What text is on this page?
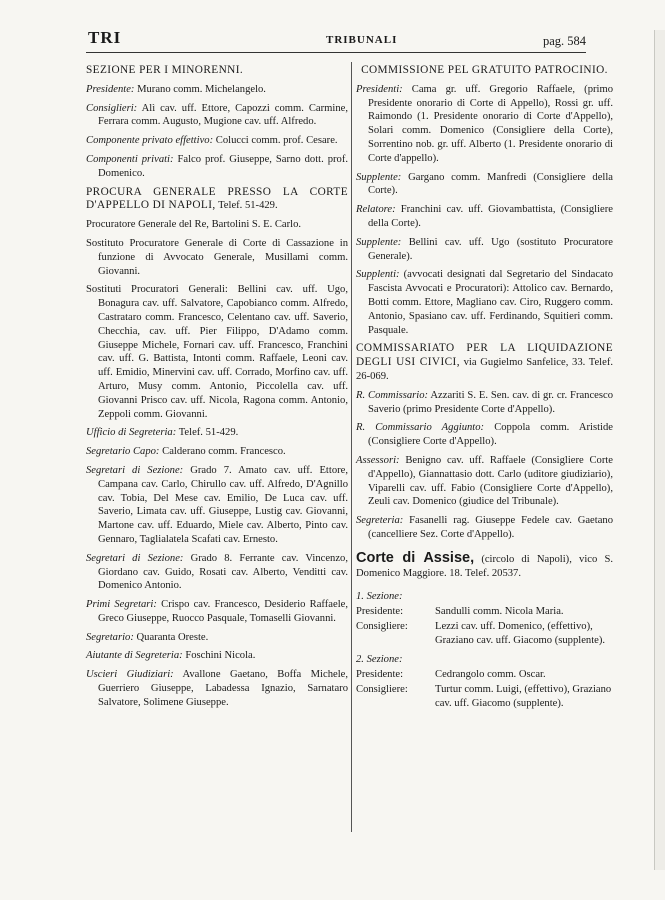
TRI	TRIBUNALI	pag. 584
SEZIONE PER I MINORENNI.
Presidente: Murano comm. Michelangelo.
Consiglieri: Alì cav. uff. Ettore, Capozzi comm. Carmine, Ferrara comm. Augusto, Mugione cav. uff. Alfredo.
Componente privato effettivo: Colucci comm. prof. Cesare.
Componenti privati: Falco prof. Giuseppe, Sarno dott. prof. Domenico.
PROCURA GENERALE PRESSO LA CORTE D'APPELLO DI NAPOLI, Telef. 51-429.
Procuratore Generale del Re, Bartolini S. E. Carlo.
Sostituto Procuratore Generale di Corte di Cassazione in funzione di Avvocato Generale, Musillami comm. Giovanni.
Sostituti Procuratori Generali: Bellini cav. uff. Ugo, Bonagura cav. uff. Salvatore, Capobianco comm. Alfredo, Castrataro comm. Francesco, Celentano cav. uff. Saverio, Checchia, cav. uff. Pier Filippo, D'Adamo comm. Giuseppe Michele, Fornari cav. uff. Francesco, Franchini cav. uff. G. Battista, Intonti comm. Raffaele, Leoni cav. uff. Emidio, Minervini cav. uff. Corrado, Morfino cav. uff. Arturo, Musy comm. Antonio, Piccolella cav. uff. Giovanni Prisco cav. uff. Nicola, Ragona comm. Antonio, Zeppoli comm. Giovanni.
Ufficio di Segreteria: Telef. 51-429.
Segretario Capo: Calderano comm. Francesco.
Segretari di Sezione: Grado 7. Amato cav. uff. Ettore, Campana cav. Carlo, Chirullo cav. uff. Alfredo, D'Agnillo cav. Tobia, Del Mese cav. Emilio, De Luca cav. uff. Saverio, Limata cav. uff. Giuseppe, Lustig cav. Giovanni, Martone cav. uff. Eduardo, Miele cav. Alberto, Pinto cav. Gennaro, Taglialatela Scafati cav. Ernesto.
Segretari di Sezione: Grado 8. Ferrante cav. Vincenzo, Giordano cav. Guido, Rosati cav. Alberto, Venditti cav. Domenico Antonio.
Primi Segretari: Crispo cav. Francesco, Desiderio Raffaele, Greco Giuseppe, Ruocco Pasquale, Tomaselli Giovanni.
Segretario: Quaranta Oreste.
Aiutante di Segreteria: Foschini Nicola.
Uscieri Giudiziari: Avallone Gaetano, Boffa Michele, Guerriero Giuseppe, Labadessa Ignazio, Sarnataro Salvatore, Solimene Giuseppe.
COMMISSIONE PEL GRATUITO PATROCINIO.
Presidenti: Cama gr. uff. Gregorio Raffaele, (primo Presidente onorario di Corte di Appello), Rossi gr. uff. Raimondo (1. Presidente onorario di Corte d'Appello), Solari comm. Domenico (Consigliere della Corte), Sorrentino nob. gr. uff. Alberto (1. Presidente onorario di Corte d'appello).
Supplente: Gargano comm. Manfredi (Consigliere della Corte).
Relatore: Franchini cav. uff. Giovambattista, (Consigliere della Corte).
Supplente: Bellini cav. uff. Ugo (sostituto Procuratore Generale).
Supplenti: (avvocati designati dal Segretario del Sindacato Fascista Avvocati e Procuratori): Attolico cav. Bernardo, Botti comm. Ettore, Magliano cav. Ciro, Ruggero comm. Antonio, Spasiano cav. uff. Ferdinando, Squitieri comm. Pasquale.
COMMISSARIATO PER LA LIQUIDAZIONE DEGLI USI CIVICI, via Gugielmo Sanfelice, 33. Telef. 26-069.
R. Commissario: Azzariti S. E. Sen. cav. di gr. cr. Francesco Saverio (primo Presidente Corte d'Appello).
R. Commissario Aggiunto: Coppola comm. Aristide (Consigliere Corte d'Appello).
Assessori: Benigno cav. uff. Raffaele (Consigliere Corte d'Appello), Giannattasio dott. Carlo (uditore giudiziario), Viparelli cav. uff. Fabio (Consigliere Corte d'Appello), Zeuli cav. Domenico (giudice del Tribunale).
Segreteria: Fasanelli rag. Giuseppe Fedele cav. Gaetano (cancelliere Sez. Corte d'Appello).
Corte di Assise, (circolo di Napoli), vico S. Domenico Maggiore. 18. Telef. 20537.
1. Sezione:
Presidente:	Sandulli comm. Nicola Maria.
Consigliere:	Lezzi cav. uff. Domenico, (effettivo), Graziano cav. uff. Giacomo (supplente).
2. Sezione:
Presidente:	Cedrangolo comm. Oscar.
Consigliere:	Turtur comm. Luigi, (effettivo), Graziano cav. uff. Giacomo (supplente).
